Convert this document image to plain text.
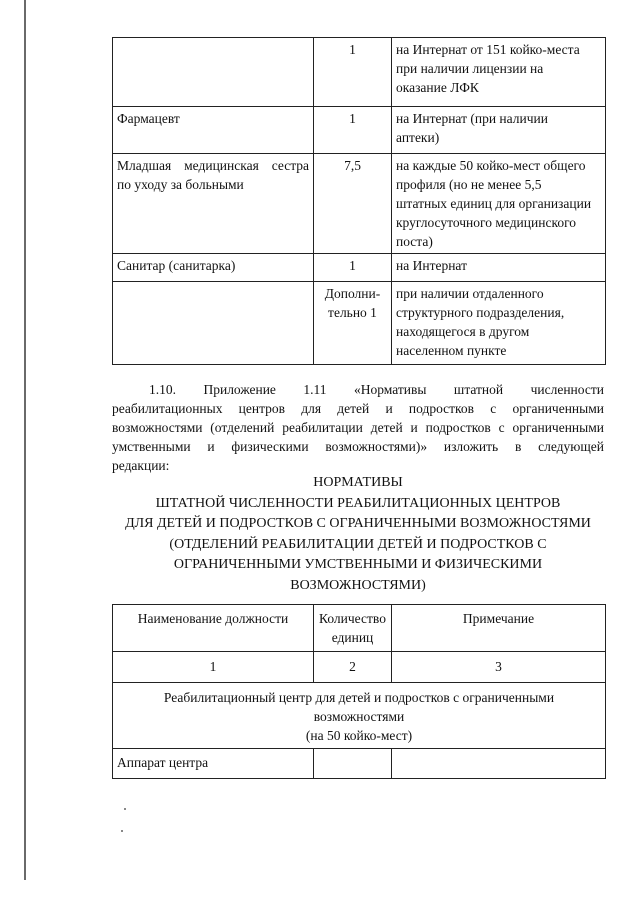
	1	на Интернат от 151 койко-места
при наличии лицензии на
оказание ЛФК

Фармацевт	1	на Интернат (при наличии
аптеки)

Младшая медицинская сестра
по уходу за больными	7,5	на каждые 50 койко-мест общего
профиля (но не менее 5,5
штатных единиц для организации
круглосуточного медицинского
поста)

Санитар (санитарка)	1	на Интернат

	Дополни-
тельно 1	при наличии отдаленного
структурного подразделения,
находящегося в другом
населенном пункте
1.10. Приложение 1.11 «Нормативы штатной численности
реабилитационных центров для детей и подростков с органиченными
возможностями (отделений реабилитации детей и подростков с органиченными
умственными и физическими возможностями)» изложить в следующей
редакции:
НОРМАТИВЫ
ШТАТНОЙ ЧИСЛЕННОСТИ РЕАБИЛИТАЦИОННЫХ ЦЕНТРОВ
ДЛЯ ДЕТЕЙ И ПОДРОСТКОВ С ОГРАНИЧЕННЫМИ ВОЗМОЖНОСТЯМИ
(ОТДЕЛЕНИЙ РЕАБИЛИТАЦИИ ДЕТЕЙ И ПОДРОСТКОВ С
ОГРАНИЧЕННЫМИ УМСТВЕННЫМИ И ФИЗИЧЕСКИМИ
ВОЗМОЖНОСТЯМИ)
Наименование должности	Количество
единиц	Примечание

1	2	3

Реабилитационный центр для детей и подростков с ограниченными
возможностями
(на 50 койко-мест)		

Аппарат центра		
